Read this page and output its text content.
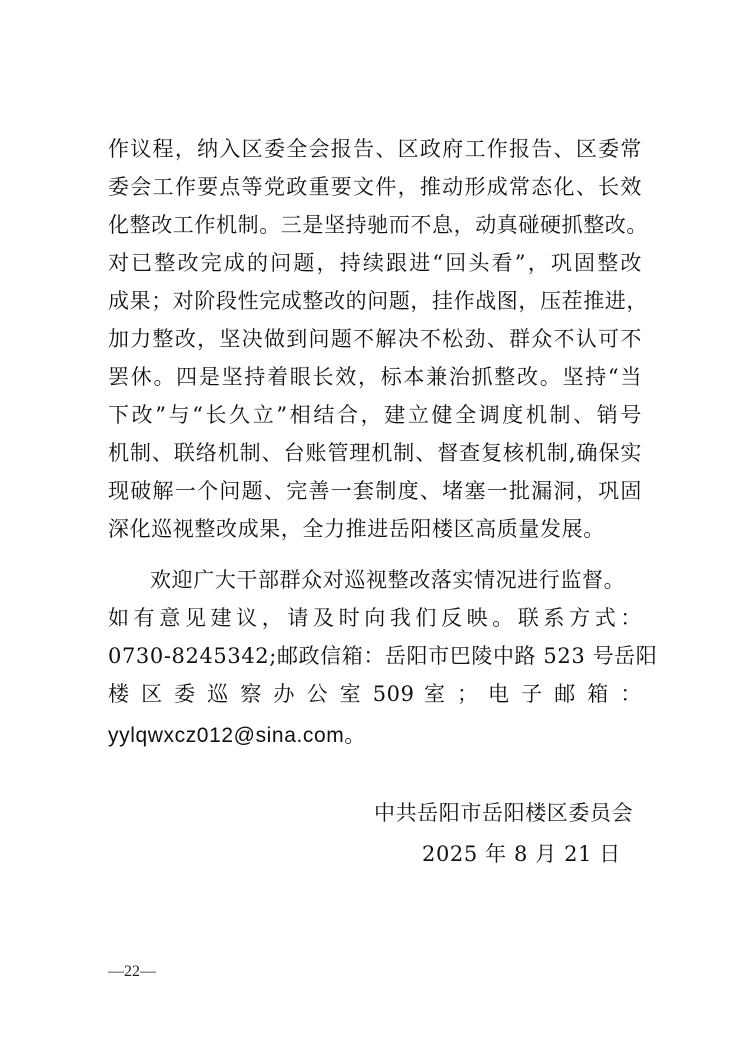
作议程，纳入区委全会报告、区政府工作报告、区委常
委会工作要点等党政重要文件，推动形成常态化、长效
化整改工作机制。三是坚持驰而不息，动真碰硬抓整改。
对已整改完成的问题，持续跟进“回头看”，巩固整改
成果；对阶段性完成整改的问题，挂作战图，压茬推进，
加力整改，坚决做到问题不解决不松劲、群众不认可不
罢休。四是坚持着眼长效，标本兼治抓整改。坚持“当
下改”与“长久立”相结合，建立健全调度机制、销号
机制、联络机制、台账管理机制、督查复核机制,确保实
现破解一个问题、完善一套制度、堵塞一批漏洞，巩固
深化巡视整改成果，全力推进岳阳楼区高质量发展。
欢迎广大干部群众对巡视整改落实情况进行监督。
如有意见建议，请及时向我们反映。联系方式：
0730-8245342;邮政信箱：岳阳市巴陵中路 523 号岳阳
楼 区 委 巡 察 办 公 室 509 室 ； 电 子 邮 箱 ：
yylqwxcz012@sina.com。
中共岳阳市岳阳楼区委员会
2025 年 8 月 21 日
—22—
